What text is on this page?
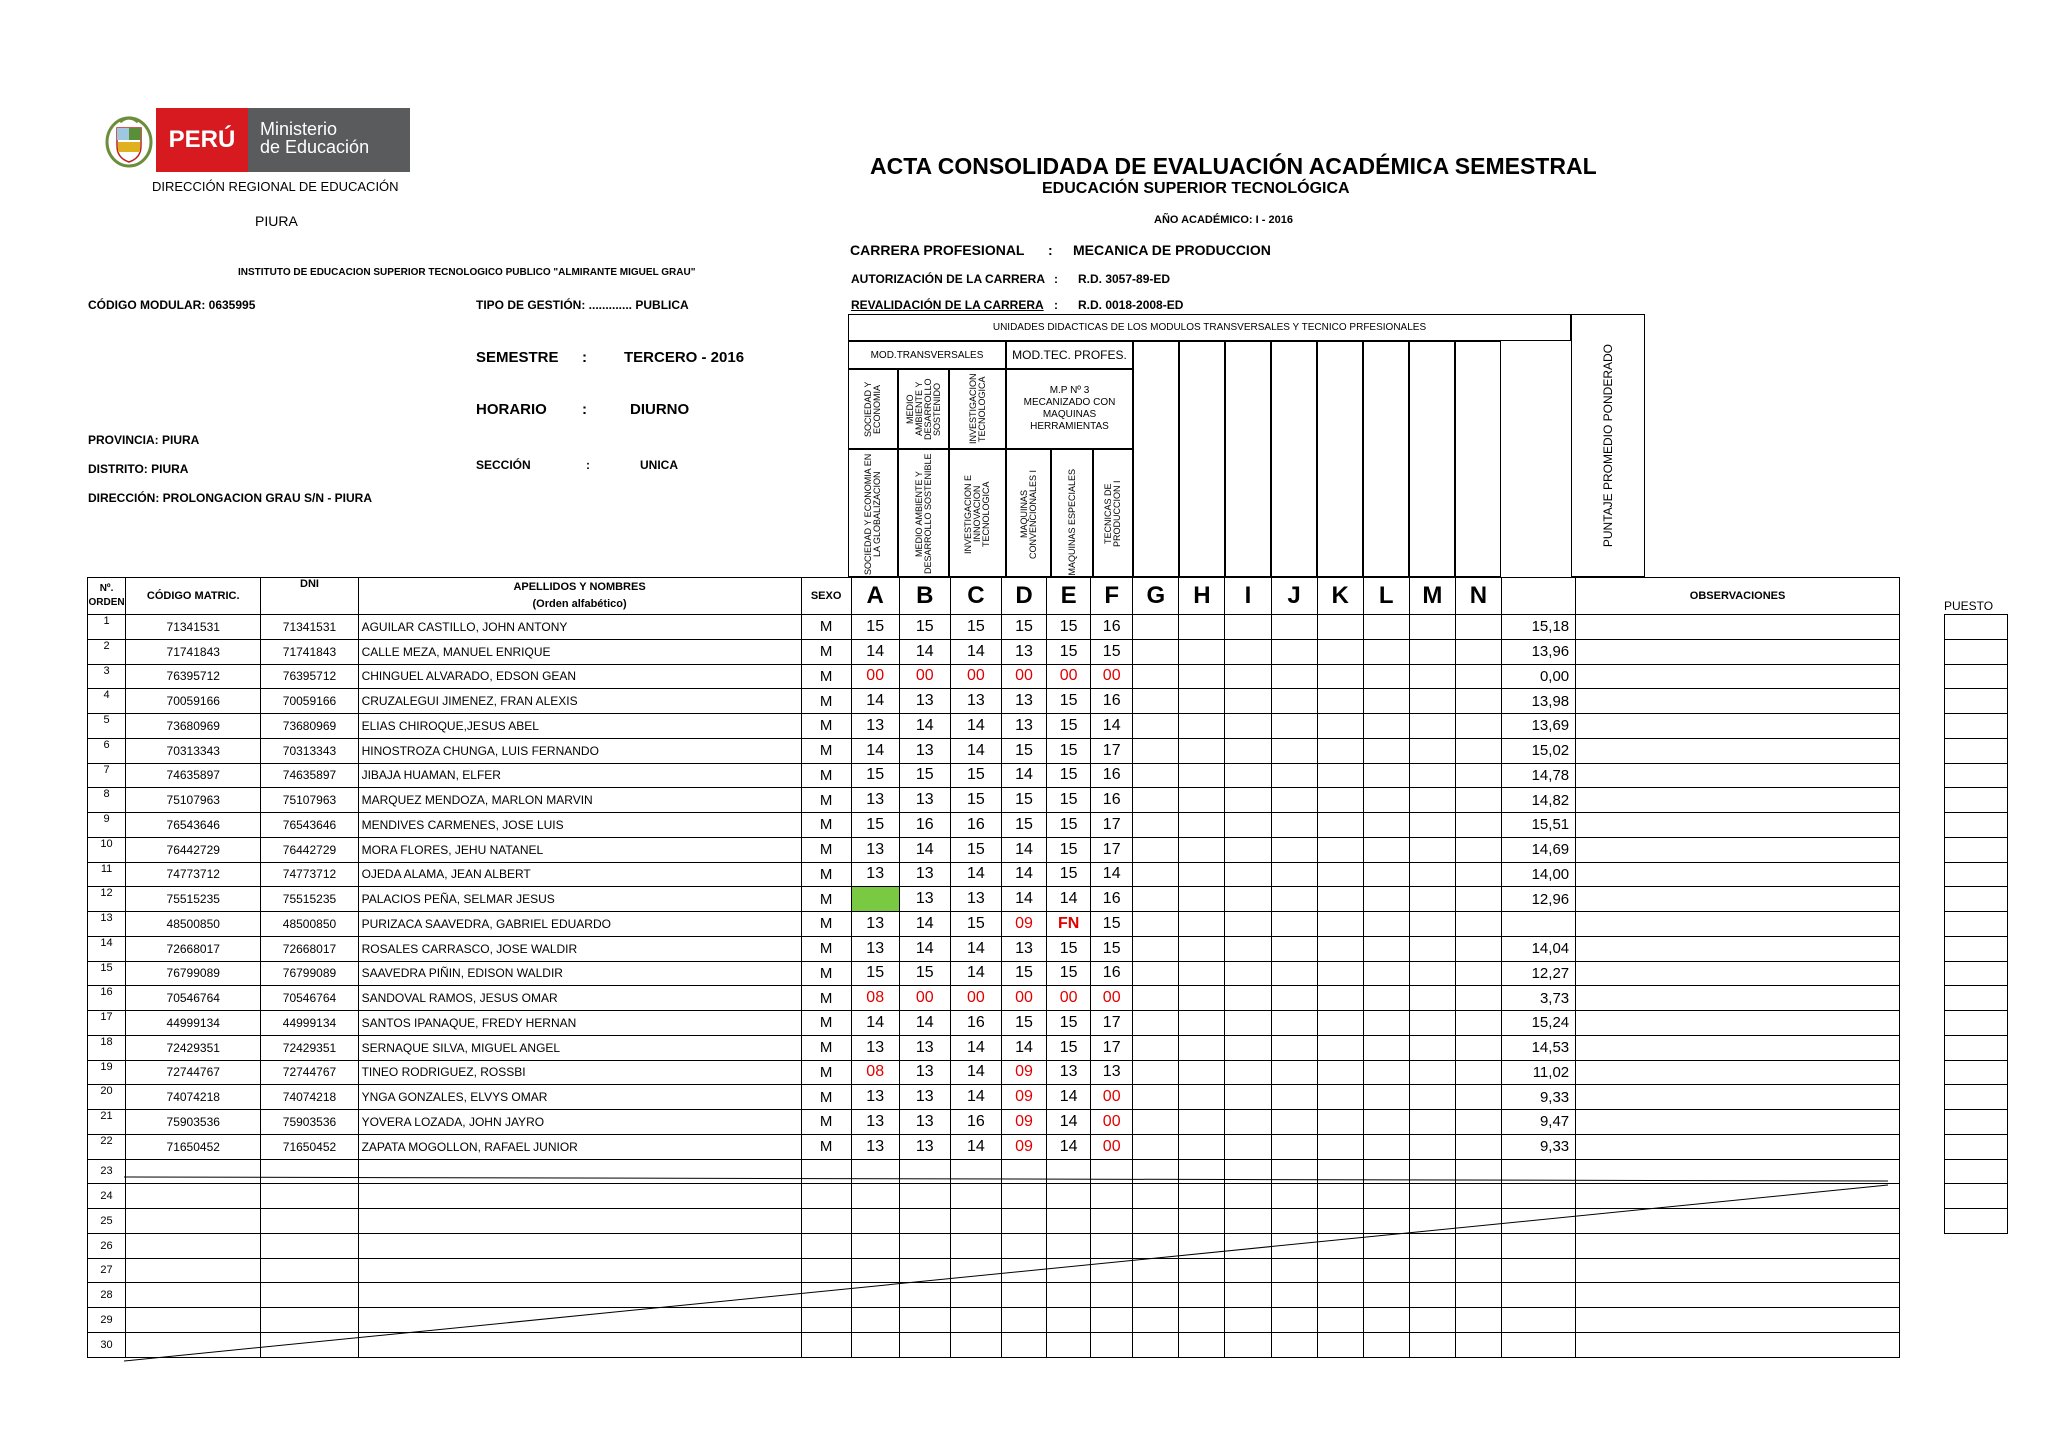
PERÚ	Ministerio
de Educación
DIRECCIÓN REGIONAL DE EDUCACIÓN
PIURA
ACTA CONSOLIDADA DE EVALUACIÓN ACADÉMICA SEMESTRAL
EDUCACIÓN SUPERIOR TECNOLÓGICA
AÑO ACADÉMICO: I - 2016
CARRERA PROFESIONAL : MECANICA DE PRODUCCION
INSTITUTO DE EDUCACION SUPERIOR TECNOLOGICO PUBLICO "ALMIRANTE MIGUEL GRAU"	AUTORIZACIÓN DE LA CARRERA : R.D. 3057-89-ED
CÓDIGO MODULAR: 0635995	TIPO DE GESTIÓN: ............. PUBLICA	REVALIDACIÓN DE LA CARRERA : R.D. 0018-2008-ED
SEMESTRE : TERCERO - 2016
HORARIO :	DIURNO
SECCIÓN	:	UNICA
PROVINCIA: PIURA
DISTRITO: PIURA
DIRECCIÓN: PROLONGACION GRAU S/N - PIURA
UNIDADES DIDACTICAS DE LOS MODULOS TRANSVERSALES Y TECNICO PRFESIONALES
PUNTAJE PROMEDIO PONDERADO
MOD.TRANSVERSALES	MOD.TEC. PROFES.
SOCIEDAD Y ECONOMIA	MEDIO AMBIENTE Y DESARROLLO SOSTENIDO	INVESTIGACION TECNOLOGICA	M.P Nº 3 MECANIZADO CON MAQUINAS HERRAMIENTAS
SOCIEDAD Y ECONOMIA EN LA GLOBALIZACION	MEDIO AMBIENTE Y DESARROLLO SOSTENIBLE	INVESTIGACION E INNOVACION TECNOLOGICA	MAQUINAS CONVENCIONALES I	MAQUINAS ESPECIALES	TECNICAS DE PRODUCCION I
Nº. ORDEN	CÓDIGO MATRIC.	DNI	APELLIDOS Y NOMBRES
(Orden alfabético)	SEXO	A	B	C	D	E	F	G	H	I	J	K	L	M	N		OBSERVACIONES
1	71341531	71341531	AGUILAR CASTILLO, JOHN ANTONY	M	15	15	15	15	15	16									15,18	
2	71741843	71741843	CALLE MEZA, MANUEL ENRIQUE	M	14	14	14	13	15	15									13,96	
3	76395712	76395712	CHINGUEL ALVARADO, EDSON GEAN	M	00	00	00	00	00	00									0,00	
4	70059166	70059166	CRUZALEGUI JIMENEZ, FRAN ALEXIS	M	14	13	13	13	15	16									13,98	
5	73680969	73680969	ELIAS CHIROQUE,JESUS ABEL	M	13	14	14	13	15	14									13,69	
6	70313343	70313343	HINOSTROZA CHUNGA, LUIS FERNANDO	M	14	13	14	15	15	17									15,02	
7	74635897	74635897	JIBAJA HUAMAN, ELFER	M	15	15	15	14	15	16									14,78	
8	75107963	75107963	MARQUEZ MENDOZA, MARLON MARVIN	M	13	13	15	15	15	16									14,82	
9	76543646	76543646	MENDIVES CARMENES, JOSE LUIS	M	15	16	16	15	15	17									15,51	
10	76442729	76442729	MORA FLORES, JEHU NATANEL	M	13	14	15	14	15	17									14,69	
11	74773712	74773712	OJEDA ALAMA, JEAN ALBERT	M	13	13	14	14	15	14									14,00	
12	75515235	75515235	PALACIOS PEÑA, SELMAR JESUS	M		13	13	14	14	16									12,96	
13	48500850	48500850	PURIZACA SAAVEDRA, GABRIEL EDUARDO	M	13	14	15	09	FN	15										
14	72668017	72668017	ROSALES CARRASCO, JOSE WALDIR	M	13	14	14	13	15	15									14,04	
15	76799089	76799089	SAAVEDRA PIÑIN, EDISON WALDIR	M	15	15	14	15	15	16									12,27	
16	70546764	70546764	SANDOVAL RAMOS, JESUS OMAR	M	08	00	00	00	00	00									3,73	
17	44999134	44999134	SANTOS IPANAQUE, FREDY HERNAN	M	14	14	16	15	15	17									15,24	
18	72429351	72429351	SERNAQUE SILVA, MIGUEL ANGEL	M	13	13	14	14	15	17									14,53	
19	72744767	72744767	TINEO RODRIGUEZ, ROSSBI	M	08	13	14	09	13	13									11,02	
20	74074218	74074218	YNGA GONZALES, ELVYS OMAR	M	13	13	14	09	14	00									9,33	
21	75903536	75903536	YOVERA LOZADA, JOHN JAYRO	M	13	13	16	09	14	00									9,47	
22	71650452	71650452	ZAPATA MOGOLLON, RAFAEL JUNIOR	M	13	13	14	09	14	00									9,33	
23																				
24																				
25																				
26																				
27																				
28																				
29																				
30																				
PUESTO
